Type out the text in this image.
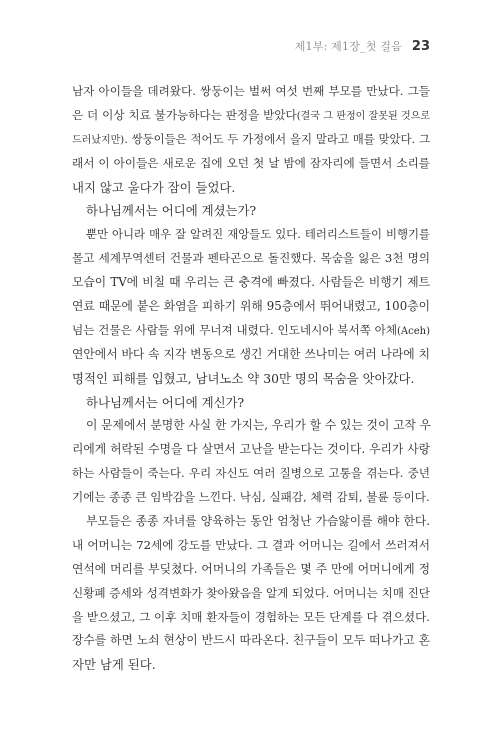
제1부: 제1장_첫 걸음 23
남자 아이들을 데려왔다. 쌍둥이는 벌써 여섯 번째 부모를 만났다. 그들
은 더 이상 치료 불가능하다는 판정을 받았다(결국 그 판정이 잘못된 것으로
드러났지만). 쌍둥이들은 적어도 두 가정에서 을지 말라고 매를 맞았다. 그
래서 이 아이들은 새로운 집에 오던 첫 날 밤에 잠자리에 들면서 소리를
내지 않고 울다가 잠이 들었다.
하나님께서는 어디에 계셨는가?
뿐만 아니라 매우 잘 알려진 재앙들도 있다. 테러리스트들이 비행기를
몰고 세계무역센터 건물과 펜타곤으로 돌진했다. 목숨을 잃은 3천 명의
모습이 TV에 비칠 때 우리는 큰 충격에 빠졌다. 사람들은 비행기 제트
연료 때문에 붙은 화염을 피하기 위해 95층에서 뛰어내렸고, 100층이
넘는 건물은 사람들 위에 무너져 내렸다. 인도네시아 북서쪽 아체(Aceh)
연안에서 바다 속 지각 변동으로 생긴 거대한 쓰나미는 여러 나라에 치
명적인 피해를 입혔고, 남녀노소 약 30만 명의 목숨을 앗아갔다.
하나님께서는 어디에 계신가?
이 문제에서 분명한 사실 한 가지는, 우리가 할 수 있는 것이 고작 우
리에게 허락된 수명을 다 살면서 고난을 받는다는 것이다. 우리가 사랑
하는 사람들이 죽는다. 우리 자신도 여러 질병으로 고통을 겪는다. 중년
기에는 종종 큰 임박감을 느낀다. 낙심, 실패감, 체력 감퇴, 불륜 등이다.
부모들은 종종 자녀를 양육하는 동안 엄청난 가슴앓이를 해야 한다.
내 어머니는 72세에 강도를 만났다. 그 결과 어머니는 길에서 쓰러져서
연석에 머리를 부딪쳤다. 어머니의 가족들은 몇 주 만에 어머니에게 정
신황폐 증세와 성격변화가 찾아왔음을 알게 되었다. 어머니는 치매 진단
을 받으셨고, 그 이후 치매 환자들이 경험하는 모든 단계를 다 겪으셨다.
장수를 하면 노쇠 현상이 반드시 따라온다. 친구들이 모두 떠나가고 혼
자만 남게 된다.
